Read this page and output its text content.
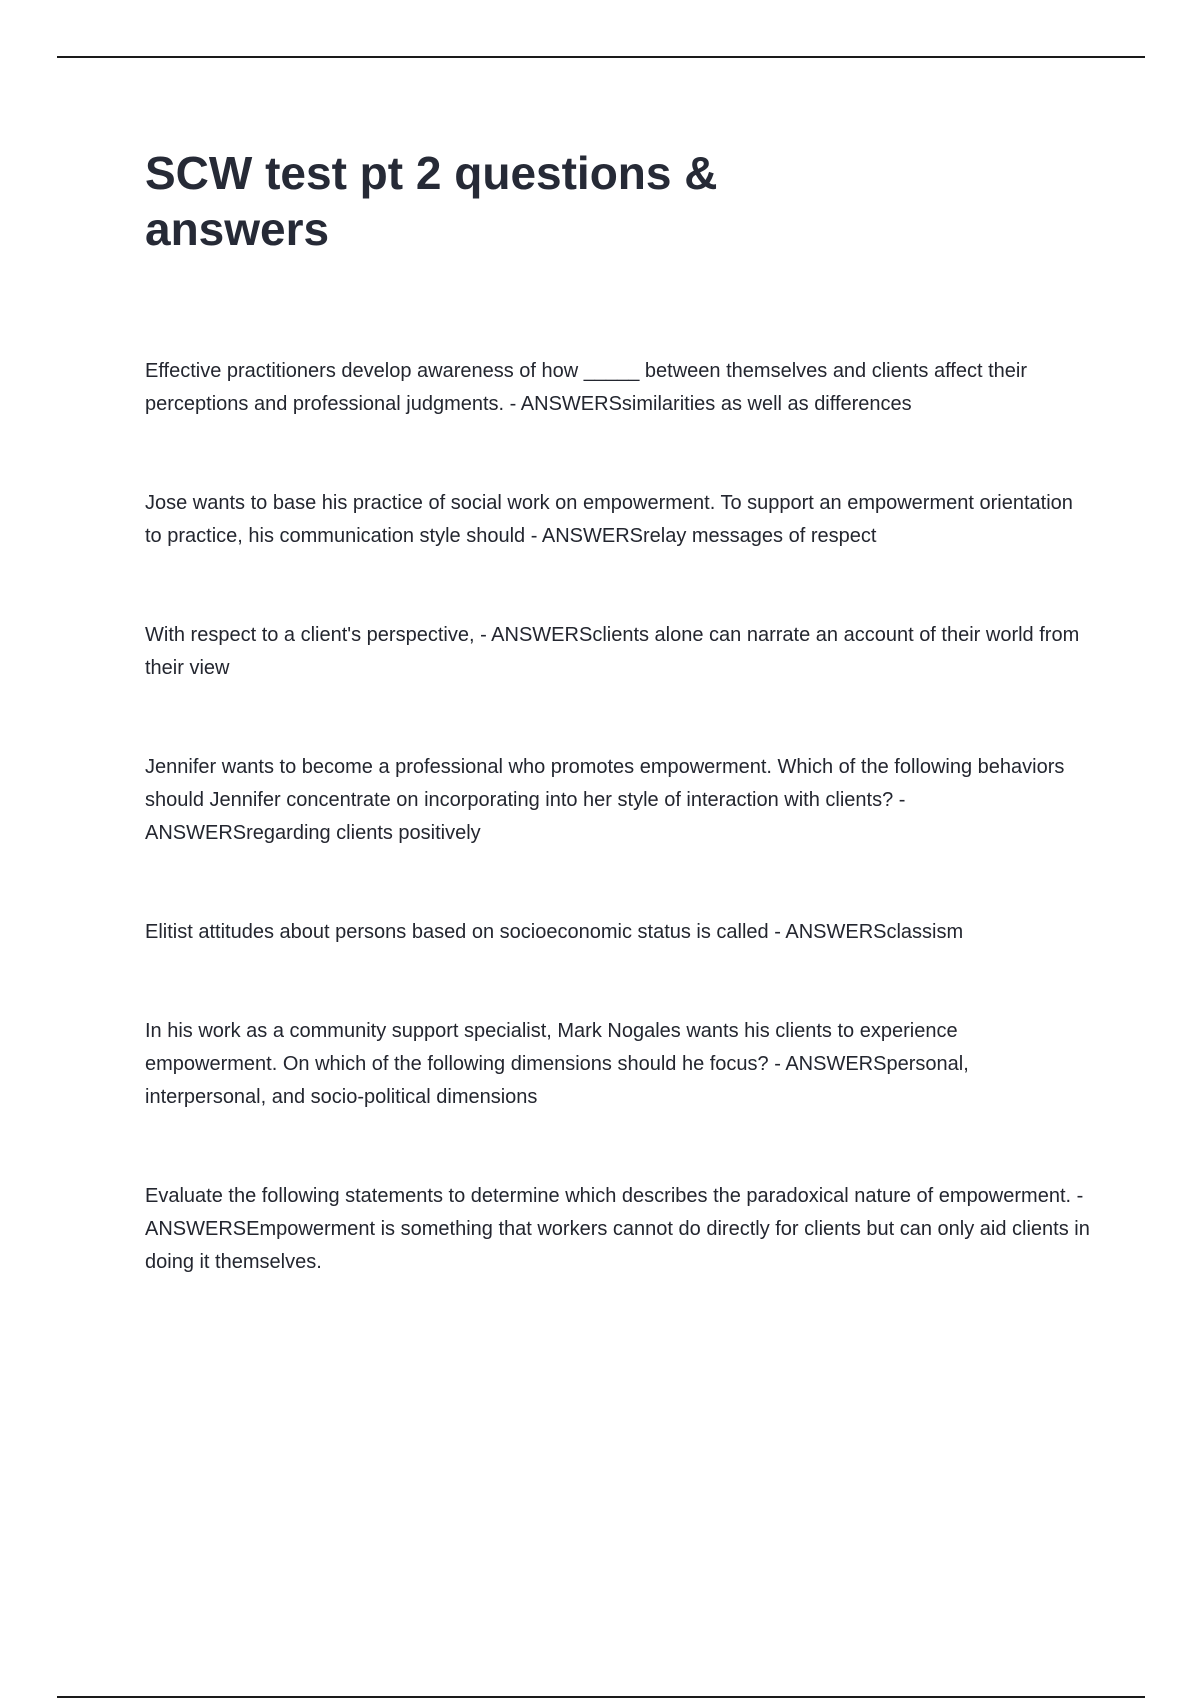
SCW test pt 2 questions & answers
Effective practitioners develop awareness of how _____ between themselves and clients affect their perceptions and professional judgments. - ANSWERSsimilarities as well as differences
Jose wants to base his practice of social work on empowerment. To support an empowerment orientation to practice, his communication style should - ANSWERSrelay messages of respect
With respect to a client's perspective, - ANSWERSclients alone can narrate an account of their world from their view
Jennifer wants to become a professional who promotes empowerment. Which of the following behaviors should Jennifer concentrate on incorporating into her style of interaction with clients? - ANSWERSregarding clients positively
Elitist attitudes about persons based on socioeconomic status is called - ANSWERSclassism
In his work as a community support specialist, Mark Nogales wants his clients to experience empowerment. On which of the following dimensions should he focus? - ANSWERSpersonal, interpersonal, and socio-political dimensions
Evaluate the following statements to determine which describes the paradoxical nature of empowerment. - ANSWERSEmpowerment is something that workers cannot do directly for clients but can only aid clients in doing it themselves.
